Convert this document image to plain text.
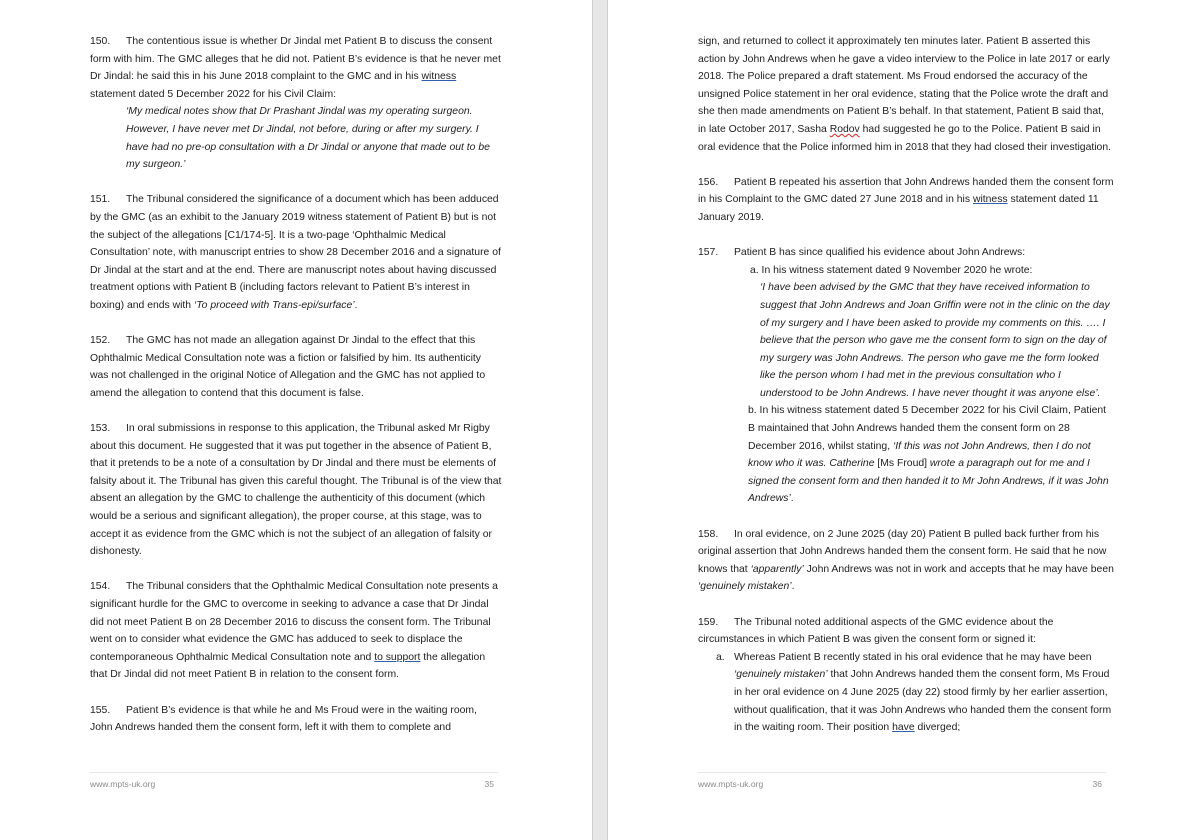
150. The contentious issue is whether Dr Jindal met Patient B to discuss the consent form with him. The GMC alleges that he did not. Patient B’s evidence is that he never met Dr Jindal: he said this in his June 2018 complaint to the GMC and in his witness statement dated 5 December 2022 for his Civil Claim:
‘My medical notes show that Dr Prashant Jindal was my operating surgeon. However, I have never met Dr Jindal, not before, during or after my surgery. I have had no pre-op consultation with a Dr Jindal or anyone that made out to be my surgeon.’
151. The Tribunal considered the significance of a document which has been adduced by the GMC (as an exhibit to the January 2019 witness statement of Patient B) but is not the subject of the allegations [C1/174-5]. It is a two-page ‘Ophthalmic Medical Consultation’ note, with manuscript entries to show 28 December 2016 and a signature of Dr Jindal at the start and at the end. There are manuscript notes about having discussed treatment options with Patient B (including factors relevant to Patient B’s interest in boxing) and ends with ‘To proceed with Trans-epi/surface’.
152. The GMC has not made an allegation against Dr Jindal to the effect that this Ophthalmic Medical Consultation note was a fiction or falsified by him. Its authenticity was not challenged in the original Notice of Allegation and the GMC has not applied to amend the allegation to contend that this document is false.
153. In oral submissions in response to this application, the Tribunal asked Mr Rigby about this document. He suggested that it was put together in the absence of Patient B, that it pretends to be a note of a consultation by Dr Jindal and there must be elements of falsity about it. The Tribunal has given this careful thought. The Tribunal is of the view that absent an allegation by the GMC to challenge the authenticity of this document (which would be a serious and significant allegation), the proper course, at this stage, was to accept it as evidence from the GMC which is not the subject of an allegation of falsity or dishonesty.
154. The Tribunal considers that the Ophthalmic Medical Consultation note presents a significant hurdle for the GMC to overcome in seeking to advance a case that Dr Jindal did not meet Patient B on 28 December 2016 to discuss the consent form. The Tribunal went on to consider what evidence the GMC has adduced to seek to displace the contemporaneous Ophthalmic Medical Consultation note and to support the allegation that Dr Jindal did not meet Patient B in relation to the consent form.
155. Patient B’s evidence is that while he and Ms Froud were in the waiting room, John Andrews handed them the consent form, left it with them to complete and
www.mpts-uk.org	35
sign, and returned to collect it approximately ten minutes later. Patient B asserted this action by John Andrews when he gave a video interview to the Police in late 2017 or early 2018. The Police prepared a draft statement. Ms Froud endorsed the accuracy of the unsigned Police statement in her oral evidence, stating that the Police wrote the draft and she then made amendments on Patient B’s behalf. In that statement, Patient B said that, in late October 2017, Sasha Rodov had suggested he go to the Police. Patient B said in oral evidence that the Police informed him in 2018 that they had closed their investigation.
156. Patient B repeated his assertion that John Andrews handed them the consent form in his Complaint to the GMC dated 27 June 2018 and in his witness statement dated 11 January 2019.
157. Patient B has since qualified his evidence about John Andrews:
a. In his witness statement dated 9 November 2020 he wrote:
‘I have been advised by the GMC that they have received information to suggest that John Andrews and Joan Griffin were not in the clinic on the day of my surgery and I have been asked to provide my comments on this. …. I believe that the person who gave me the consent form to sign on the day of my surgery was John Andrews. The person who gave me the form looked like the person whom I had met in the previous consultation who I understood to be John Andrews. I have never thought it was anyone else’.
b. In his witness statement dated 5 December 2022 for his Civil Claim, Patient B maintained that John Andrews handed them the consent form on 28 December 2016, whilst stating, ‘If this was not John Andrews, then I do not know who it was. Catherine [Ms Froud] wrote a paragraph out for me and I signed the consent form and then handed it to Mr John Andrews, if it was John Andrews’.
158. In oral evidence, on 2 June 2025 (day 20) Patient B pulled back further from his original assertion that John Andrews handed them the consent form. He said that he now knows that ‘apparently’ John Andrews was not in work and accepts that he may have been ‘genuinely mistaken’.
159. The Tribunal noted additional aspects of the GMC evidence about the circumstances in which Patient B was given the consent form or signed it:
a. Whereas Patient B recently stated in his oral evidence that he may have been ‘genuinely mistaken’ that John Andrews handed them the consent form, Ms Froud in her oral evidence on 4 June 2025 (day 22) stood firmly by her earlier assertion, without qualification, that it was John Andrews who handed them the consent form in the waiting room. Their position have diverged;
www.mpts-uk.org	36
